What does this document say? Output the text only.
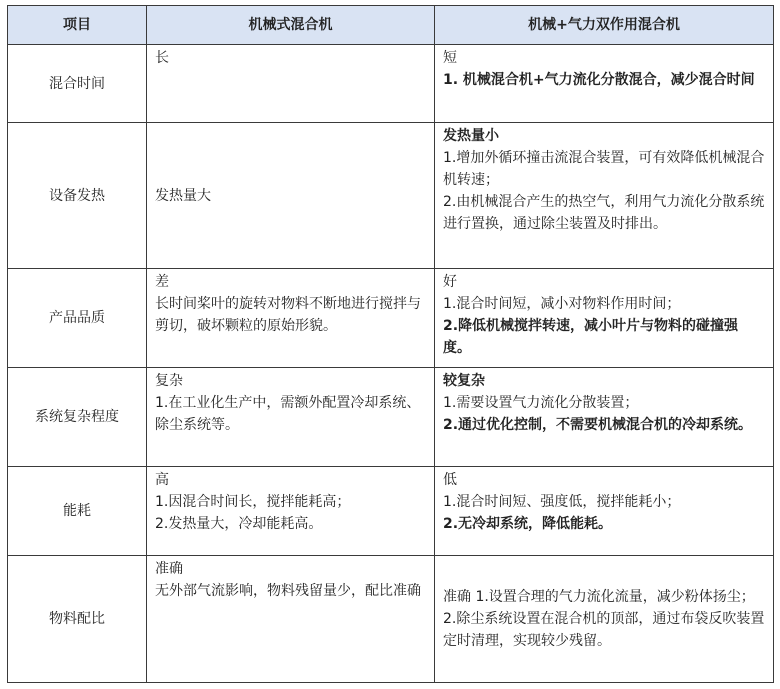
项目	机械式混合机	机械+气力双作用混合机
混合时间	长	短
1. 机械混合机+气力流化分散混合，减少混合时间

设备发热	发热量大	发热量小
1.增加外循环撞击流混合装置，可有效降低机械混合机转速；
2.由机械混合产生的热空气，利用气力流化分散系统进行置换，通过除尘装置及时排出。

产品品质	差
长时间桨叶的旋转对物料不断地进行搅拌与剪切，破坏颗粒的原始形貌。	好
1.混合时间短，减小对物料作用时间；
2.降低机械搅拌转速，减小叶片与物料的碰撞强度。

系统复杂程度	复杂
1.在工业化生产中，需额外配置冷却系统、除尘系统等。	较复杂
1.需要设置气力流化分散装置；
2.通过优化控制，不需要机械混合机的冷却系统。

能耗	高
1.因混合时间长，搅拌能耗高；
2.发热量大，冷却能耗高。	低
1.混合时间短、强度低，搅拌能耗小；
2.无冷却系统，降低能耗。

物料配比	准确
无外部气流影响，物料残留量少，配比准确	准确 1.设置合理的气力流化流量，减少粉体扬尘； 2.除尘系统设置在混合机的顶部，通过布袋反吹装置定时清理，实现较少残留。
